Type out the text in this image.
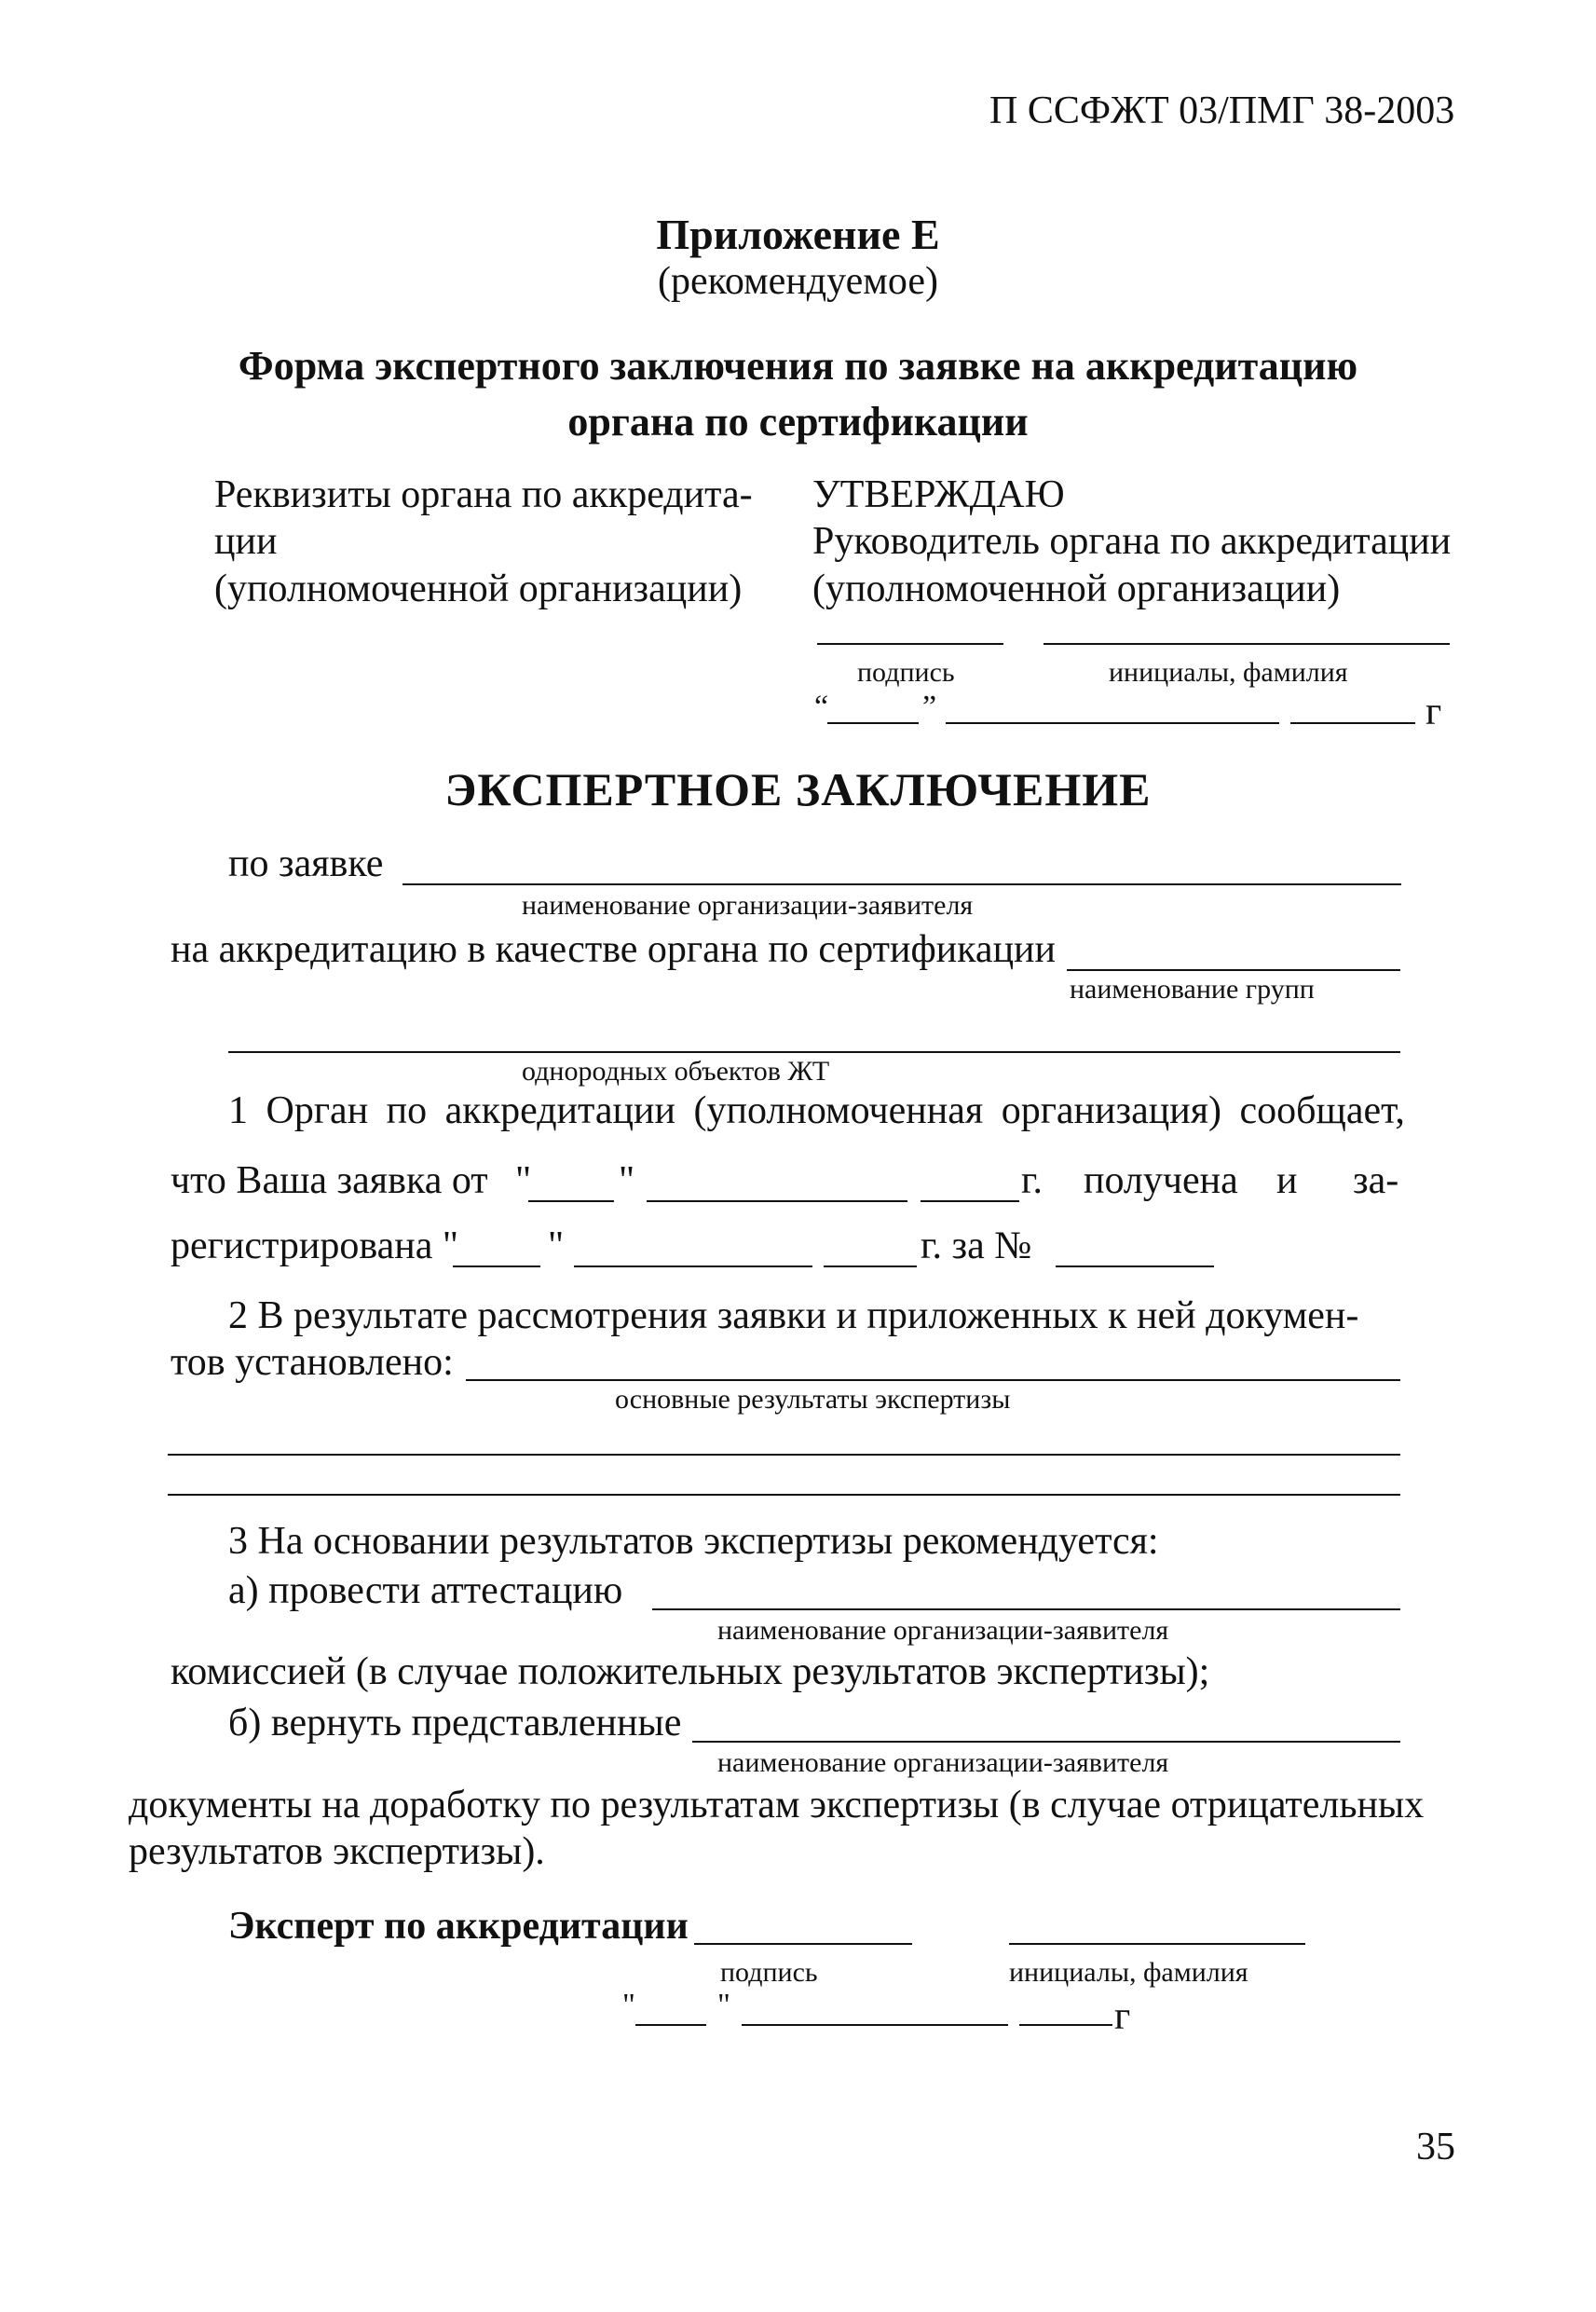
П ССФЖТ 03/ПМГ 38-2003
Приложение Е
(рекомендуемое)
Форма экспертного заключения по заявке на аккредитацию
органа по сертификации
Реквизиты органа по аккредита-
ции
(уполномоченной организации)
УТВЕРЖДАЮ
Руководитель органа по аккредитации
(уполномоченной организации)
подпись	инициалы, фамилия
“	”	г
ЭКСПЕРТНОЕ ЗАКЛЮЧЕНИЕ
по заявке
наименование организации-заявителя
на аккредитацию в качестве органа по сертификации
наименование групп
однородных объектов ЖТ
1 Орган по аккредитации (уполномоченная организация) сообщает,
что Ваша заявка от " "	г. получена и за-
регистрирована " "	г. за №
2 В результате рассмотрения заявки и приложенных к ней докумен-
тов установлено:
основные результаты экспертизы
3 На основании результатов экспертизы рекомендуется:
а) провести аттестацию
наименование организации-заявителя
комиссией (в случае положительных результатов экспертизы);
б) вернуть представленные
наименование организации-заявителя
документы на доработку по результатам экспертизы (в случае отрицательных
результатов экспертизы).
Эксперт по аккредитации
подпись	инициалы, фамилия
"	"	г
35
